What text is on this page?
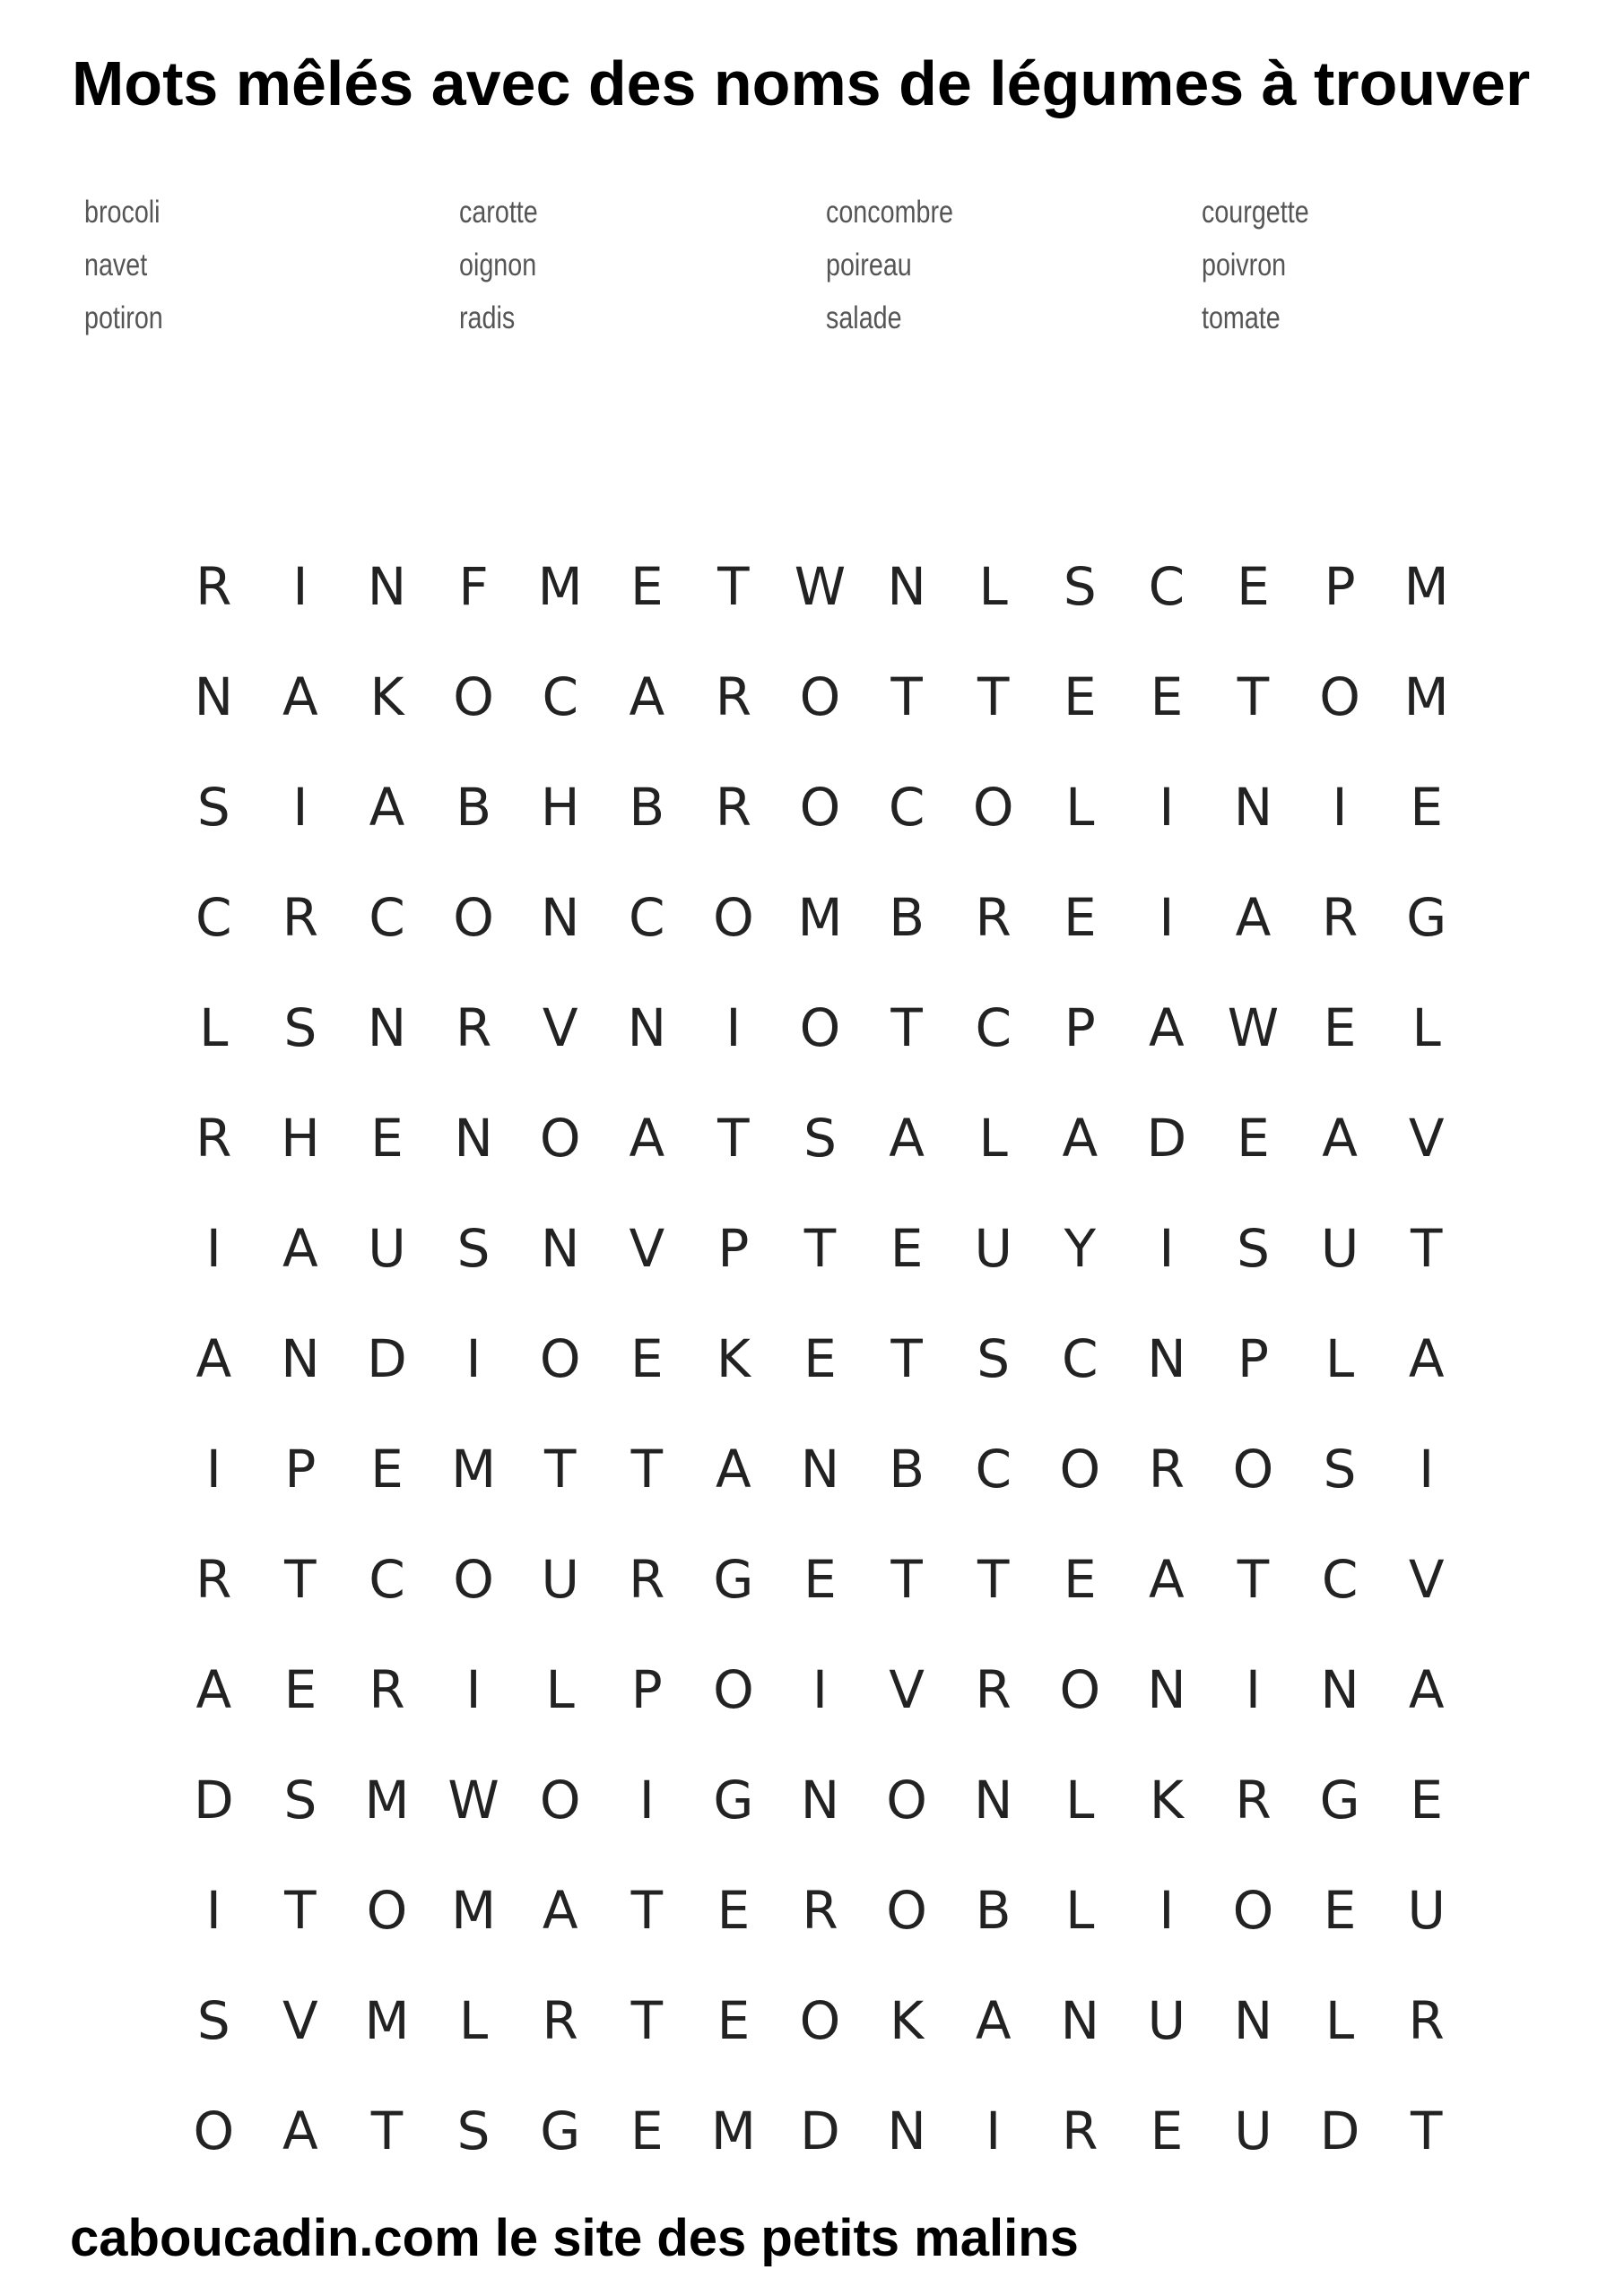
Mots mêlés avec des noms de légumes à trouver
brocoli	carotte	concombre	courgette
navet	oignon	poireau	poivron
potiron	radis	salade	tomate
R	I	N	F M E	T W N	L	S C	E	P M
N A K O C A R O T	T	E	E	T O M
S	I	A B H B R O C O L	I	N	I	E
C R C O N C O M B R	E	I	A R G
L	S N R V N	I	O T	C	P	A W E	L
R H E N O A	T	S	A	L	A D E	A V
I	A U S N V	P	T	E U Y	I	S U T
A N D	I	O E	K	E	T	S C N P	L	A
I	P	E M T	T	A N B C O R O S	I
R	T	C O U R G E	T	T	E	A	T	C V
A	E	R	I	L	P O	I	V R O N	I	N A
D S M W O	I	G N O N	L	K R G E
I	T O M A	T	E	R O B	L	I	O E U
S	V M L	R	T	E O K A N U N	L	R
O A	T	S G E M D N	I	R	E U D T

caboucadin.com le site des petits malins
